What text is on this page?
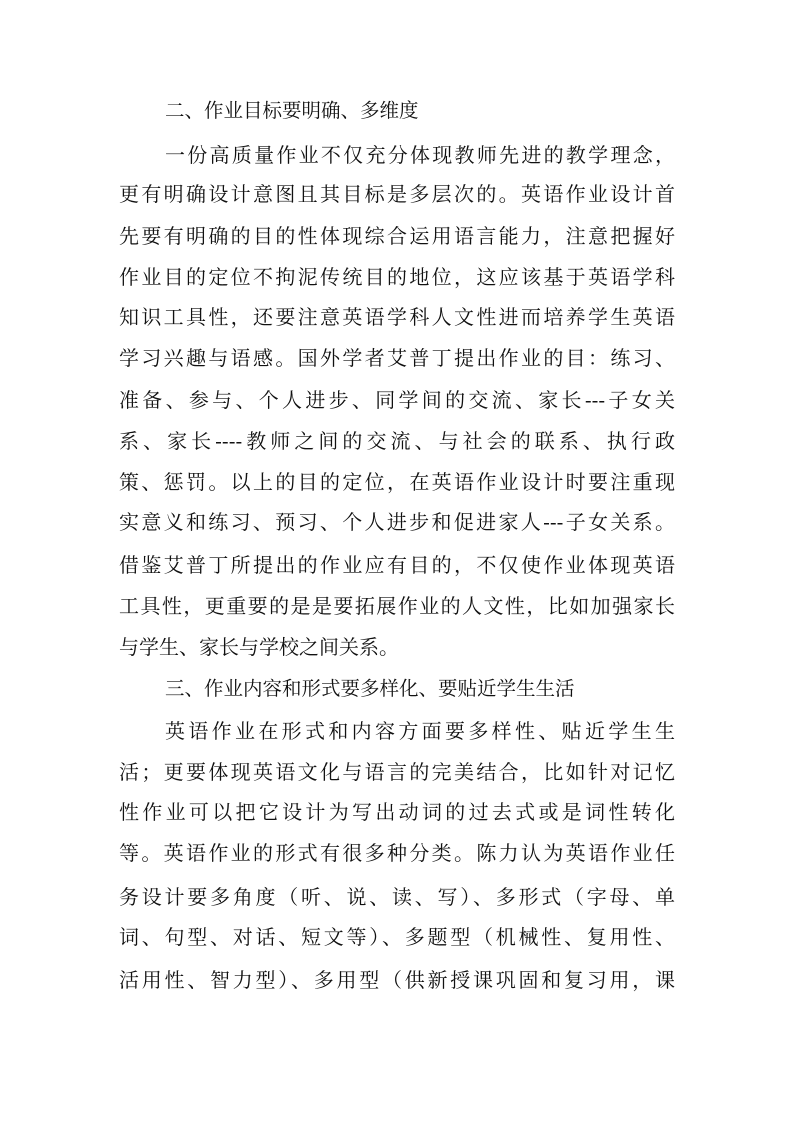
二、作业目标要明确、多维度
一份高质量作业不仅充分体现教师先进的教学理念，
更有明确设计意图且其目标是多层次的。英语作业设计首
先要有明确的目的性体现综合运用语言能力，注意把握好
作业目的定位不拘泥传统目的地位，这应该基于英语学科
知识工具性，还要注意英语学科人文性进而培养学生英语
学习兴趣与语感。国外学者艾普丁提出作业的目：练习、
准备、参与、个人进步、同学间的交流、家长---子女关
系、家长----教师之间的交流、与社会的联系、执行政
策、惩罚。以上的目的定位，在英语作业设计时要注重现
实意义和练习、预习、个人进步和促进家人---子女关系。
借鉴艾普丁所提出的作业应有目的，不仅使作业体现英语
工具性，更重要的是是要拓展作业的人文性，比如加强家长
与学生、家长与学校之间关系。
三、作业内容和形式要多样化、要贴近学生生活
英语作业在形式和内容方面要多样性、贴近学生生
活；更要体现英语文化与语言的完美结合，比如针对记忆
性作业可以把它设计为写出动词的过去式或是词性转化
等。英语作业的形式有很多种分类。陈力认为英语作业任
务设计要多角度（听、说、读、写）、多形式（字母、单
词、句型、对话、短文等）、多题型（机械性、复用性、
活用性、智力型）、多用型（供新授课巩固和复习用，课
